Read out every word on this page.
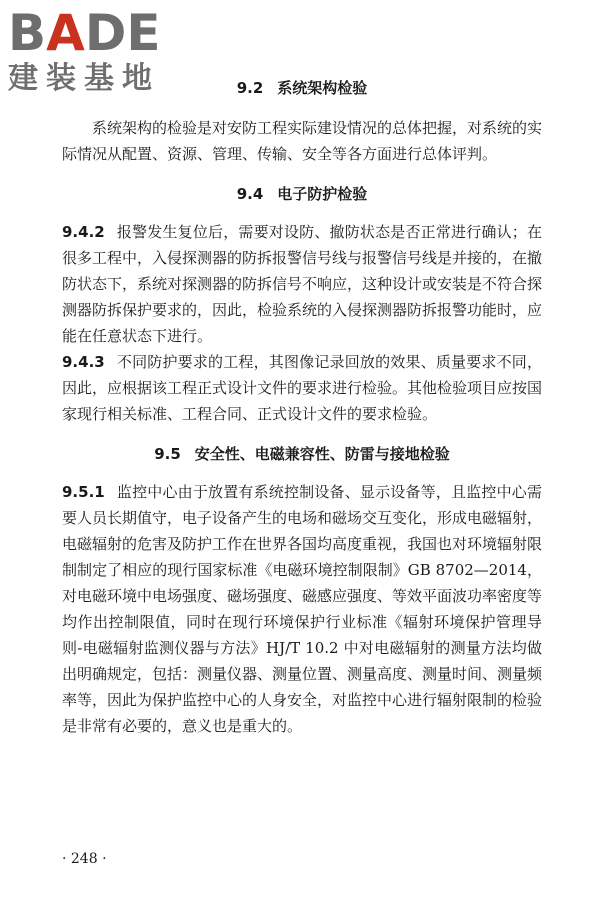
BADE
建装基地	9.2 系统架构检验

系统架构的检验是对安防工程实际建设情况的总体把握，对系统的实际情况从配置、资源、管理、传输、安全等各方面进行总体评判。

9.4 电子防护检验

9.4.2 报警发生复位后，需要对设防、撤防状态是否正常进行确认；在很多工程中，入侵探测器的防拆报警信号线与报警信号线是并接的，在撤防状态下，系统对探测器的防拆信号不响应，这种设计或安装是不符合探测器防拆保护要求的，因此，检验系统的入侵探测器防拆报警功能时，应能在任意状态下进行。

9.4.3 不同防护要求的工程，其图像记录回放的效果、质量要求不同，因此，应根据该工程正式设计文件的要求进行检验。其他检验项目应按国家现行相关标准、工程合同、正式设计文件的要求检验。

9.5 安全性、电磁兼容性、防雷与接地检验

9.5.1 监控中心由于放置有系统控制设备、显示设备等，且监控中心需要人员长期值守，电子设备产生的电场和磁场交互变化，形成电磁辐射，电磁辐射的危害及防护工作在世界各国均高度重视，我国也对环境辐射限制制定了相应的现行国家标准《电磁环境控制限制》GB 8702—2014，对电磁环境中电场强度、磁场强度、磁感应强度、等效平面波功率密度等均作出控制限值，同时在现行环境保护行业标准《辐射环境保护管理导则-电磁辐射监测仪器与方法》HJ/T 10.2 中对电磁辐射的测量方法均做出明确规定，包括：测量仪器、测量位置、测量高度、测量时间、测量频率等，因此为保护监控中心的人身安全，对监控中心进行辐射限制的检验是非常有必要的，意义也是重大的。

· 248 ·
